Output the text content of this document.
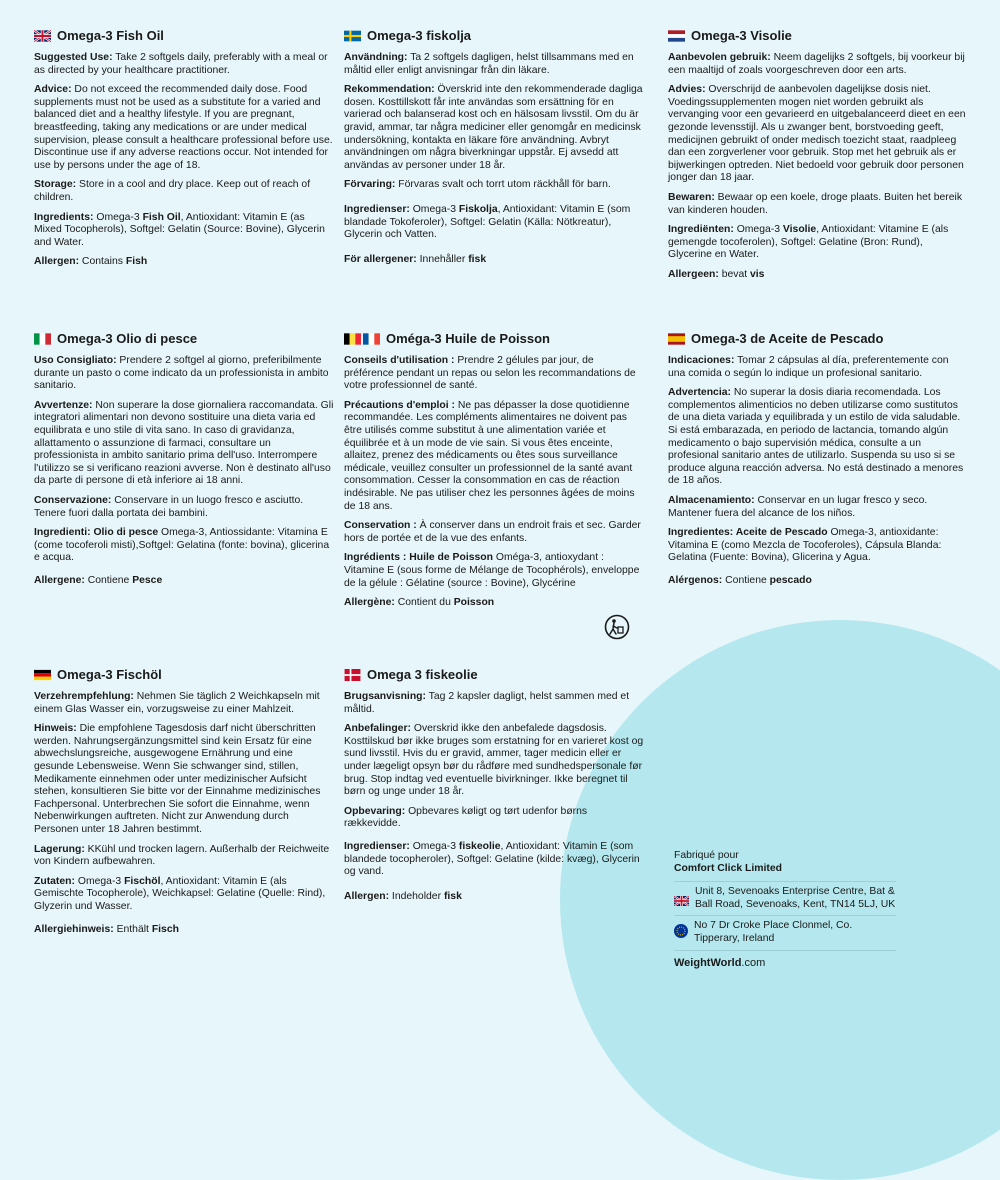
Omega-3 Fish Oil
Suggested Use: Take 2 softgels daily, preferably with a meal or as directed by your healthcare practitioner.
Advice: Do not exceed the recommended daily dose. Food supplements must not be used as a substitute for a varied and balanced diet and a healthy lifestyle. If you are pregnant, breastfeeding, taking any medications or are under medical supervision, please consult a healthcare professional before use. Discontinue use if any adverse reactions occur. Not intended for use by persons under the age of 18.
Storage: Store in a cool and dry place. Keep out of reach of children.
Ingredients: Omega-3 Fish Oil, Antioxidant: Vitamin E (as Mixed Tocopherols), Softgel: Gelatin (Source: Bovine), Glycerin and Water.
Allergen: Contains Fish
Omega-3 fiskolja
Användning: Ta 2 softgels dagligen, helst tillsammans med en måltid eller enligt anvisningar från din läkare.
Rekommendation: Överskrid inte den rekommenderade dagliga dosen. Kosttillskott får inte användas som ersättning för en varierad och balanserad kost och en hälsosam livsstil. Om du är gravid, ammar, tar några mediciner eller genomgår en medicinsk undersökning, kontakta en läkare före användning. Avbryt användningen om några biverkningar uppstår. Ej avsedd att användas av personer under 18 år.
Förvaring: Förvaras svalt och torrt utom räckhåll för barn.
Ingredienser: Omega-3 Fiskolja, Antioxidant: Vitamin E (som blandade Tokoferoler), Softgel: Gelatin (Källa: Nötkreatur), Glycerin och Vatten.
För allergener: Innehåller fisk
Omega-3 Visolie
Aanbevolen gebruik: Neem dagelijks 2 softgels, bij voorkeur bij een maaltijd of zoals voorgeschreven door een arts.
Advies: Overschrijd de aanbevolen dagelijkse dosis niet. Voedingssupplementen mogen niet worden gebruikt als vervanging voor een gevarieerd en uitgebalanceerd dieet en een gezonde levensstijl. Als u zwanger bent, borstvoeding geeft, medicijnen gebruikt of onder medisch toezicht staat, raadpleeg dan een zorgverlener voor gebruik. Stop met het gebruik als er bijwerkingen optreden. Niet bedoeld voor gebruik door personen jonger dan 18 jaar.
Bewaren: Bewaar op een koele, droge plaats. Buiten het bereik van kinderen houden.
Ingrediënten: Omega-3 Visolie, Antioxidant: Vitamine E (als gemengde tocoferolen), Softgel: Gelatine (Bron: Rund), Glycerine en Water.
Allergeen: bevat vis
Omega-3 Olio di pesce
Uso Consigliato: Prendere 2 softgel al giorno, preferibilmente durante un pasto o come indicato da un professionista in ambito sanitario.
Avvertenze: Non superare la dose giornaliera raccomandata. Gli integratori alimentari non devono sostituire una dieta varia ed equilibrata e uno stile di vita sano. In caso di gravidanza, allattamento o assunzione di farmaci, consultare un professionista in ambito sanitario prima dell'uso. Interrompere l'utilizzo se si verificano reazioni avverse. Non è destinato all'uso da parte di persone di età inferiore ai 18 anni.
Conservazione: Conservare in un luogo fresco e asciutto. Tenere fuori dalla portata dei bambini.
Ingredienti: Olio di pesce Omega-3, Antiossidante: Vitamina E (come tocoferoli misti),Softgel: Gelatina (fonte: bovina), glicerina e acqua.
Allergene: Contiene Pesce
Oméga-3 Huile de Poisson
Conseils d'utilisation : Prendre 2 gélules par jour, de préférence pendant un repas ou selon les recommandations de votre professionnel de santé.
Précautions d'emploi : Ne pas dépasser la dose quotidienne recommandée. Les compléments alimentaires ne doivent pas être utilisés comme substitut à une alimentation variée et équilibrée et à un mode de vie sain. Si vous êtes enceinte, allaitez, prenez des médicaments ou êtes sous surveillance médicale, veuillez consulter un professionnel de la santé avant consommation. Cesser la consommation en cas de réaction indésirable. Ne pas utiliser chez les personnes âgées de moins de 18 ans.
Conservation : À conserver dans un endroit frais et sec. Garder hors de portée et de la vue des enfants.
Ingrédients : Huile de Poisson Oméga-3, antioxydant : Vitamine E (sous forme de Mélange de Tocophérols), enveloppe de la gélule : Gélatine (source : Bovine), Glycérine
Allergène: Contient du Poisson
Omega-3 de Aceite de Pescado
Indicaciones: Tomar 2 cápsulas al día, preferentemente con una comida o según lo indique un profesional sanitario.
Advertencia: No superar la dosis diaria recomendada. Los complementos alimenticios no deben utilizarse como sustitutos de una dieta variada y equilibrada y un estilo de vida saludable. Si está embarazada, en periodo de lactancia, tomando algún medicamento o bajo supervisión médica, consulte a un profesional sanitario antes de utilizarlo. Suspenda su uso si se produce alguna reacción adversa. No está destinado a menores de 18 años.
Almacenamiento: Conservar en un lugar fresco y seco. Mantener fuera del alcance de los niños.
Ingredientes: Aceite de Pescado Omega-3, antioxidante: Vitamina E (como Mezcla de Tocoferoles), Cápsula Blanda: Gelatina (Fuente: Bovina), Glicerina y Agua.
Alérgenos: Contiene pescado
Omega-3 Fischöl
Verzehrempfehlung: Nehmen Sie täglich 2 Weichkapseln mit einem Glas Wasser ein, vorzugsweise zu einer Mahlzeit.
Hinweis: Die empfohlene Tagesdosis darf nicht überschritten werden. Nahrungsergänzungsmittel sind kein Ersatz für eine abwechslungsreiche, ausgewogene Ernährung und eine gesunde Lebensweise. Wenn Sie schwanger sind, stillen, Medikamente einnehmen oder unter medizinischer Aufsicht stehen, konsultieren Sie bitte vor der Einnahme medizinisches Fachpersonal. Unterbrechen Sie sofort die Einnahme, wenn Nebenwirkungen auftreten. Nicht zur Anwendung durch Personen unter 18 Jahren bestimmt.
Lagerung: KKühl und trocken lagern. Außerhalb der Reichweite von Kindern aufbewahren.
Zutaten: Omega-3 Fischöl, Antioxidant: Vitamin E (als Gemischte Tocopherole), Weichkapsel: Gelatine (Quelle: Rind), Glyzerin und Wasser.
Allergiehinweis: Enthält Fisch
Omega 3 fiskeolie
Brugsanvisning: Tag 2 kapsler dagligt, helst sammen med et måltid.
Anbefalinger: Overskrid ikke den anbefalede dagsdosis. Kosttilskud bør ikke bruges som erstatning for en varieret kost og sund livsstil. Hvis du er gravid, ammer, tager medicin eller er under lægeligt opsyn bør du rådføre med sundhedspersonale før brug. Stop indtag ved eventuelle bivirkninger. Ikke beregnet til børn og unge under 18 år.
Opbevaring: Opbevares køligt og tørt udenfor børns rækkevidde.
Ingredienser: Omega-3 fiskeolie, Antioxidant: Vitamin E (som blandede tocopheroler), Softgel: Gelatine (kilde: kvæg), Glycerin og vand.
Allergen: Indeholder fisk
Fabriqué pour
Comfort Click Limited
Unit 8, Sevenoaks Enterprise Centre, Bat & Ball Road, Sevenoaks, Kent, TN14 5LJ, UK
No 7 Dr Croke Place Clonmel, Co. Tipperary, Ireland
WeightWorld.com
